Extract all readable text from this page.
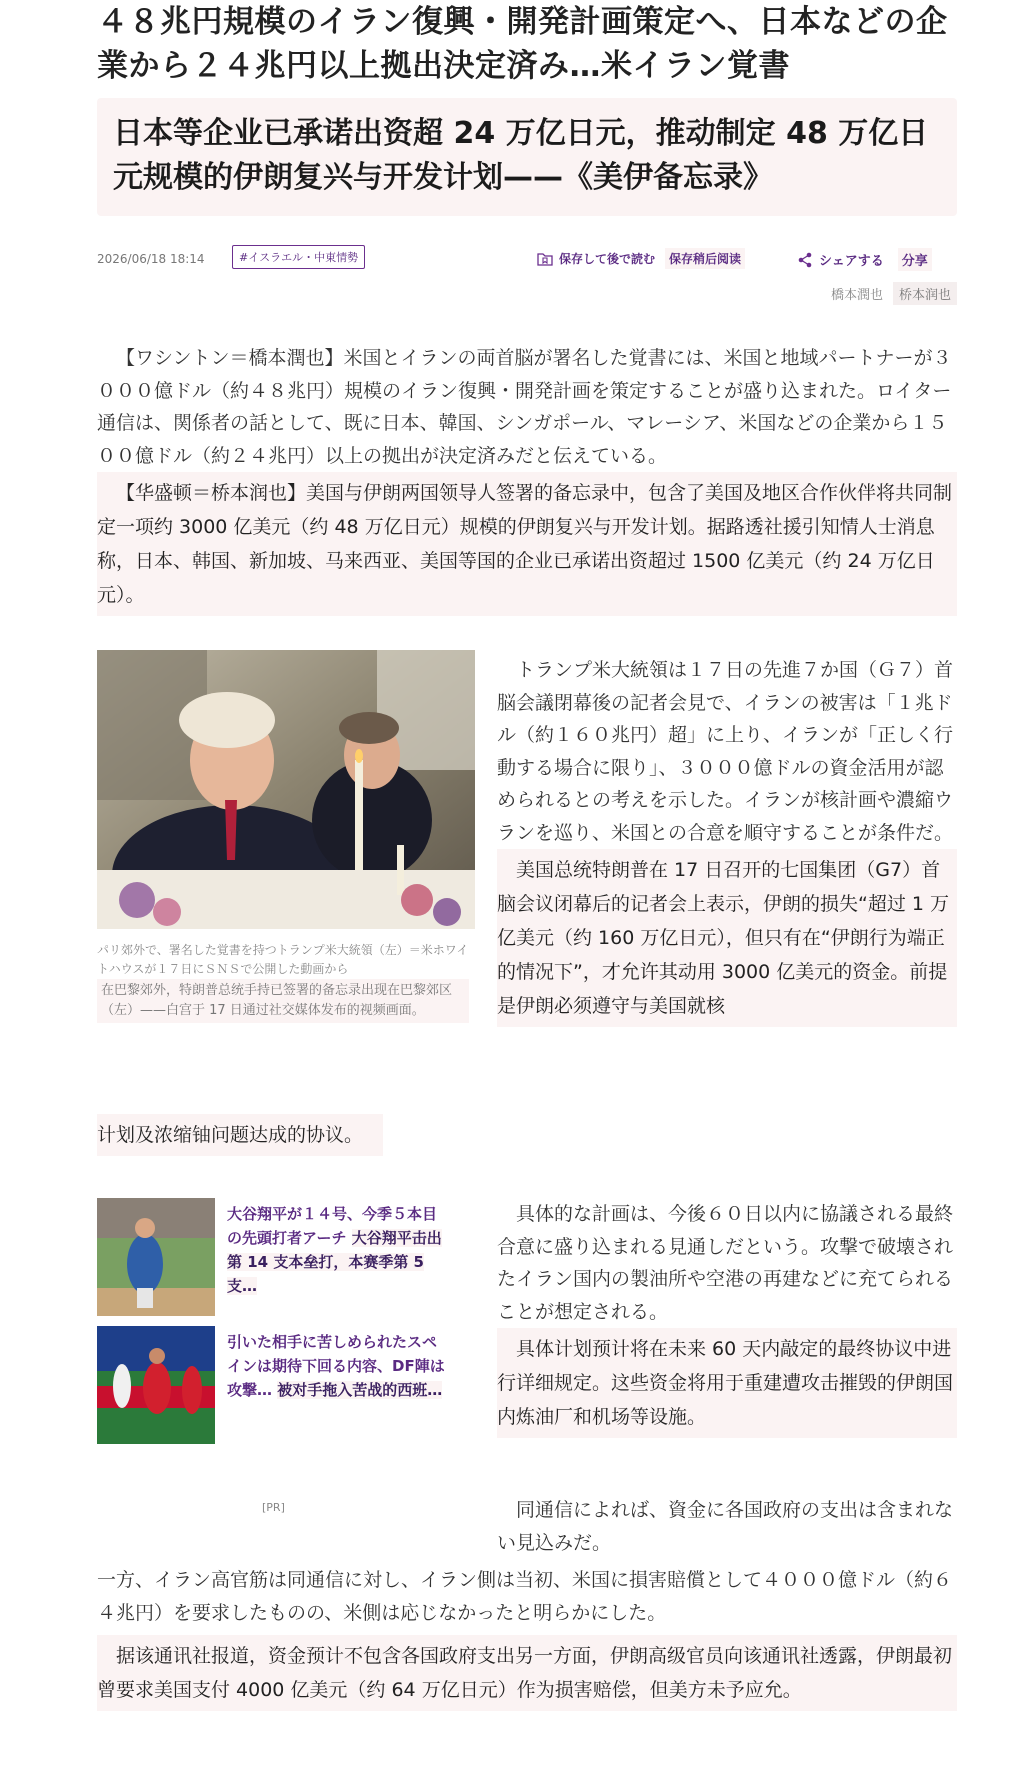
４８兆円規模のイラン復興・開発計画策定へ、日本などの企業から２４兆円以上拠出決定済み…米イラン覚書
日本等企业已承诺出资超 24 万亿日元，推动制定 48 万亿日元规模的伊朗复兴与开发计划——《美伊备忘录》
2026/06/18 18:14	#イスラエル・中東情勢	保存して後で読む	保存稍后阅读	シェアする	分享
橋本潤也	桥本润也

【ワシントン＝橋本潤也】米国とイランの両首脳が署名した覚書には、米国と地域パートナーが３０００億ドル（約４８兆円）規模のイラン復興・開発計画を策定することが盛り込まれた。ロイター通信は、関係者の話として、既に日本、韓国、シンガポール、マレーシア、米国などの企業から１５００億ドル（約２４兆円）以上の拠出が決定済みだと伝えている。

【华盛顿＝桥本润也】美国与伊朗两国领导人签署的备忘录中，包含了美国及地区合作伙伴将共同制定一项约 3000 亿美元（约 48 万亿日元）规模的伊朗复兴与开发计划。据路透社援引知情人士消息称，日本、韩国、新加坡、马来西亚、美国等国的企业已承诺出资超过 1500 亿美元（约 24 万亿日元）。

パリ郊外で、署名した覚書を持つトランプ米大統領（左）＝米ホワイトハウスが１７日にＳＮＳで公開した動画から

在巴黎郊外，特朗普总统手持已签署的备忘录出现在巴黎郊区（左）——白宫于 17 日通过社交媒体发布的视频画面。

トランプ米大統領は１７日の先進７か国（Ｇ７）首脳会議閉幕後の記者会見で、イランの被害は「１兆ドル（約１６０兆円）超」に上り、イランが「正しく行動する場合に限り」、３０００億ドルの資金活用が認められるとの考えを示した。イランが核計画や濃縮ウランを巡り、米国との合意を順守することが条件だ。

美国总统特朗普在 17 日召开的七国集团（G7）首脑会议闭幕后的记者会上表示，伊朗的损失“超过 1 万亿美元（约 160 万亿日元），但只有在“伊朗行为端正的情况下”，才允许其动用 3000 亿美元的资金。前提是伊朗必须遵守与美国就核

计划及浓缩铀问题达成的协议。

大谷翔平が１４号、今季５本目の先頭打者アーチ 大谷翔平击出第 14 支本垒打，本赛季第 5 支…
引いた相手に苦しめられたスペインは期待下回る内容、DF陣は攻撃… 被对手拖入苦战的西班…
[PR]

具体的な計画は、今後６０日以内に協議される最終合意に盛り込まれる見通しだという。攻撃で破壊されたイラン国内の製油所や空港の再建などに充てられることが想定される。

具体计划预计将在未来 60 天内敲定的最终协议中进行详细规定。这些资金将用于重建遭攻击摧毁的伊朗国内炼油厂和机场等设施。

同通信によれば、資金に各国政府の支出は含まれない見込みだ。

一方、イラン高官筋は同通信に対し、イラン側は当初、米国に損害賠償として４０００億ドル（約６４兆円）を要求したものの、米側は応じなかったと明らかにした。

据该通讯社报道，资金预计不包含各国政府支出另一方面，伊朗高级官员向该通讯社透露，伊朗最初曾要求美国支付 4000 亿美元（约 64 万亿日元）作为损害赔偿，但美方未予应允。
